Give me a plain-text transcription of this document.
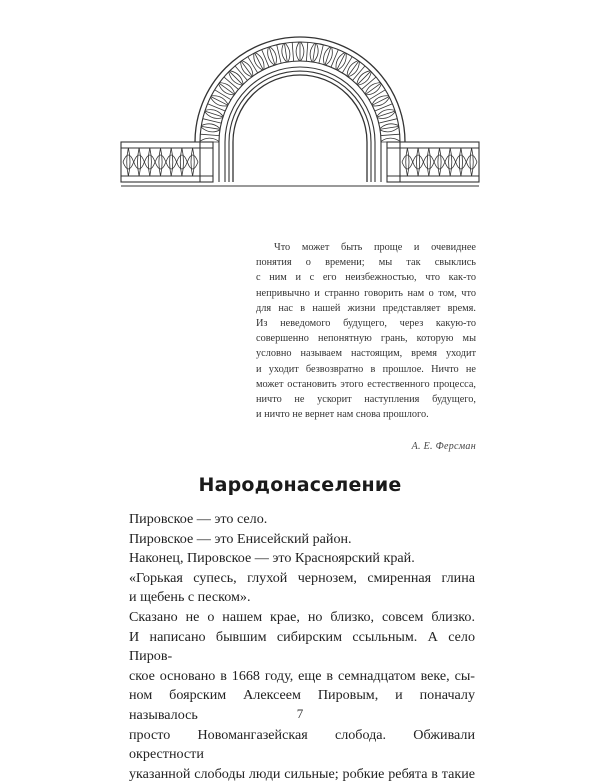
Что может быть проще и очевиднее
понятия о времени; мы так свыклись
с ним и с его неизбежностью, что как-то
непривычно и странно говорить нам о том, что
для нас в нашей жизни представляет время.
Из неведомого будущего, через какую-то
совершенно непонятную грань, которую мы
условно называем настоящим, время уходит
и уходит безвозвратно в прошлое. Ничто не
может остановить этого естественного процесса,
ничто не ускорит наступления будущего,
и ничто не вернет нам снова прошлого.

А. Е. Ферсман
Народонаселение
Пировское — это село.
Пировское — это Енисейский район.
Наконец, Пировское — это Красноярский край.
«Горькая супесь, глухой чернозем, смиренная глина
и щебень с песком».
Сказано не о нашем крае, но близко, совсем близко.
И написано бывшим сибирским ссыльным. А село Пиров-
ское основано в 1668 году, еще в семнадцатом веке, сы-
ном боярским Алексеем Пировым, и поначалу называлось
просто Новомангазейская слобода. Обживали окрестности
указанной слободы люди сильные; робкие ребята в такие
7
